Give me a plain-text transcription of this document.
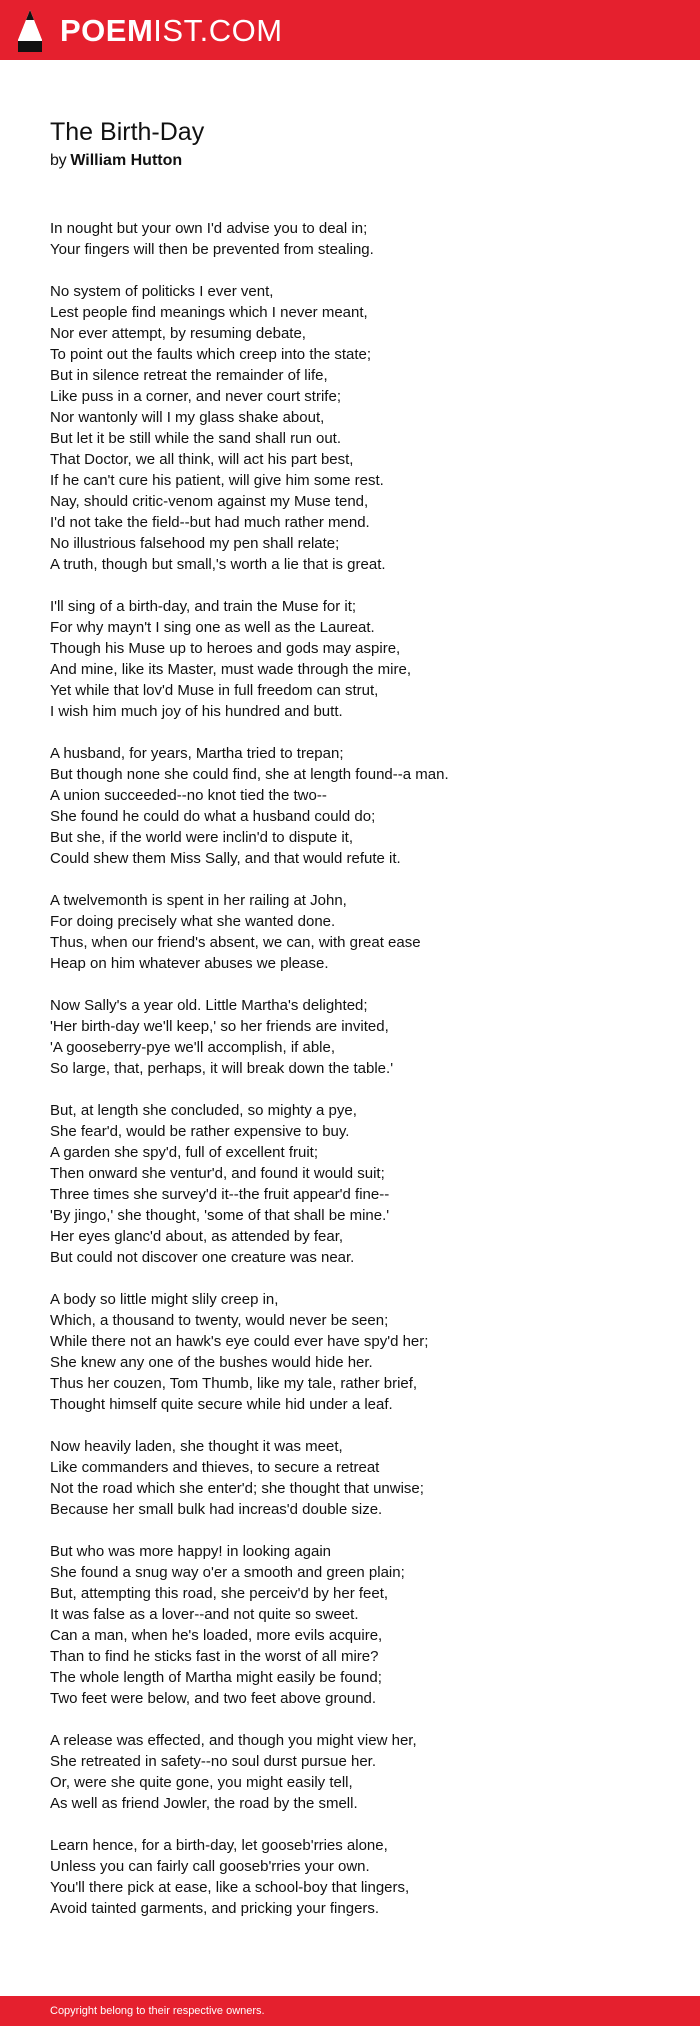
POEMIST.COM
The Birth-Day
by William Hutton
In nought but your own I'd advise you to deal in;
Your fingers will then be prevented from stealing.
No system of politicks I ever vent,
Lest people find meanings which I never meant,
Nor ever attempt, by resuming debate,
To point out the faults which creep into the state;
But in silence retreat the remainder of life,
Like puss in a corner, and never court strife;
Nor wantonly will I my glass shake about,
But let it be still while the sand shall run out.
That Doctor, we all think, will act his part best,
If he can't cure his patient, will give him some rest.
Nay, should critic-venom against my Muse tend,
I'd not take the field--but had much rather mend.
No illustrious falsehood my pen shall relate;
A truth, though but small,'s worth a lie that is great.
I'll sing of a birth-day, and train the Muse for it;
For why mayn't I sing one as well as the Laureat.
Though his Muse up to heroes and gods may aspire,
And mine, like its Master, must wade through the mire,
Yet while that lov'd Muse in full freedom can strut,
I wish him much joy of his hundred and butt.
A husband, for years, Martha tried to trepan;
But though none she could find, she at length found--a man.
A union succeeded--no knot tied the two--
She found he could do what a husband could do;
But she, if the world were inclin'd to dispute it,
Could shew them Miss Sally, and that would refute it.
A twelvemonth is spent in her railing at John,
For doing precisely what she wanted done.
Thus, when our friend's absent, we can, with great ease
Heap on him whatever abuses we please.
Now Sally's a year old. Little Martha's delighted;
'Her birth-day we'll keep,' so her friends are invited,
'A gooseberry-pye we'll accomplish, if able,
So large, that, perhaps, it will break down the table.'
But, at length she concluded, so mighty a pye,
She fear'd, would be rather expensive to buy.
A garden she spy'd, full of excellent fruit;
Then onward she ventur'd, and found it would suit;
Three times she survey'd it--the fruit appear'd fine--
'By jingo,' she thought, 'some of that shall be mine.'
Her eyes glanc'd about, as attended by fear,
But could not discover one creature was near.
A body so little might slily creep in,
Which, a thousand to twenty, would never be seen;
While there not an hawk's eye could ever have spy'd her;
She knew any one of the bushes would hide her.
Thus her couzen, Tom Thumb, like my tale, rather brief,
Thought himself quite secure while hid under a leaf.
Now heavily laden, she thought it was meet,
Like commanders and thieves, to secure a retreat
Not the road which she enter'd; she thought that unwise;
Because her small bulk had increas'd double size.
But who was more happy! in looking again
She found a snug way o'er a smooth and green plain;
But, attempting this road, she perceiv'd by her feet,
It was false as a lover--and not quite so sweet.
Can a man, when he's loaded, more evils acquire,
Than to find he sticks fast in the worst of all mire?
The whole length of Martha might easily be found;
Two feet were below, and two feet above ground.
A release was effected, and though you might view her,
She retreated in safety--no soul durst pursue her.
Or, were she quite gone, you might easily tell,
As well as friend Jowler, the road by the smell.
Learn hence, for a birth-day, let gooseb'rries alone,
Unless you can fairly call gooseb'rries your own.
You'll there pick at ease, like a school-boy that lingers,
Avoid tainted garments, and pricking your fingers.
Copyright belong to their respective owners.
